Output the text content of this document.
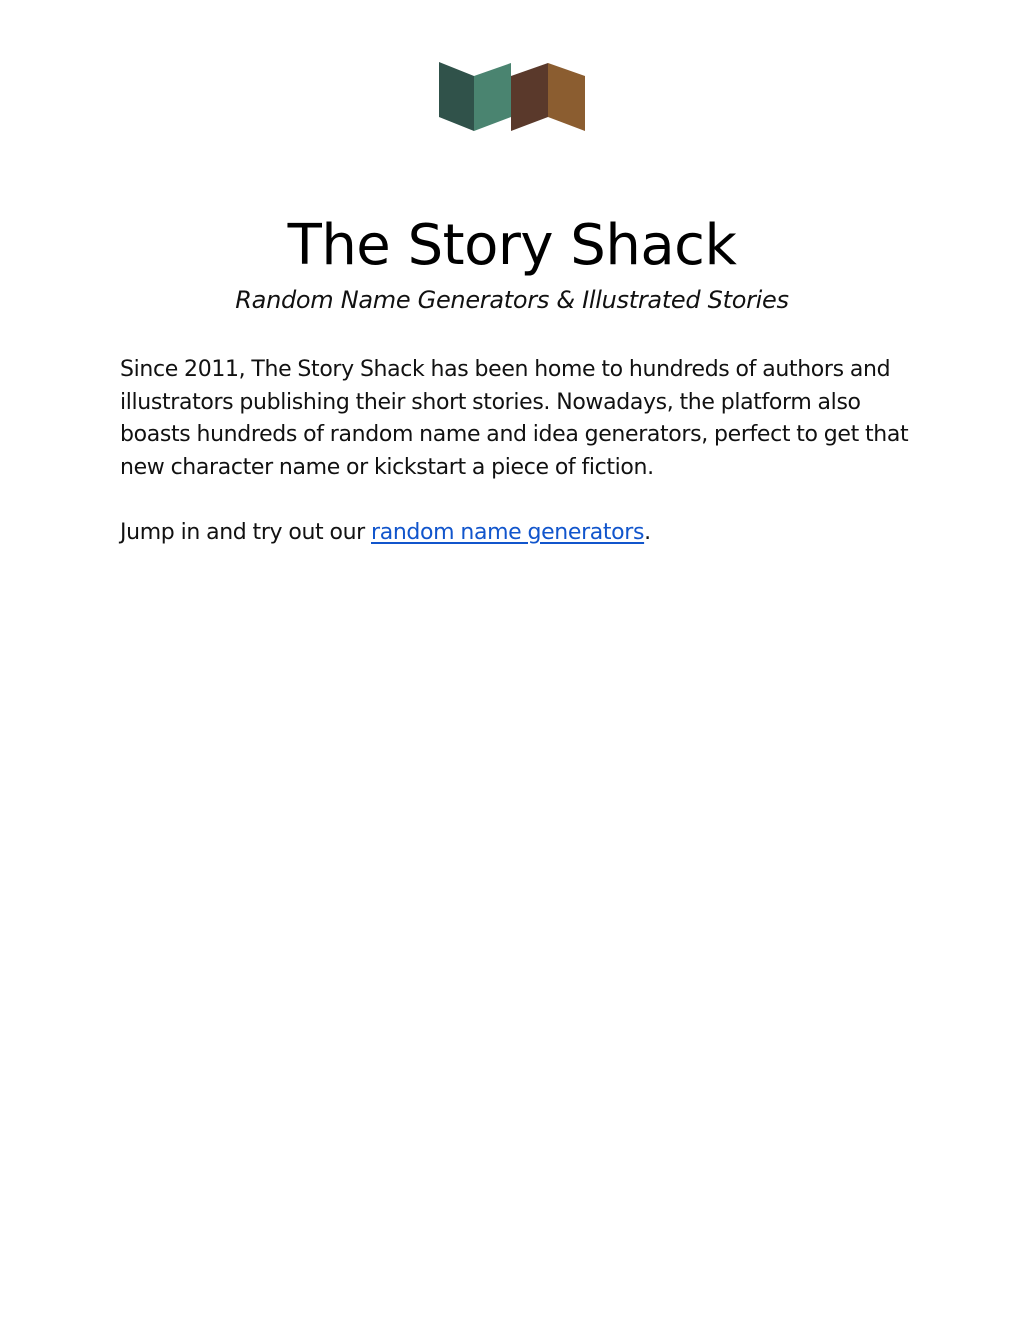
The Story Shack
Random Name Generators & Illustrated Stories

Since 2011, The Story Shack has been home to hundreds of authors and illustrators publishing their short stories. Nowadays, the platform also boasts hundreds of random name and idea generators, perfect to get that new character name or kickstart a piece of fiction.

Jump in and try out our random name generators.
